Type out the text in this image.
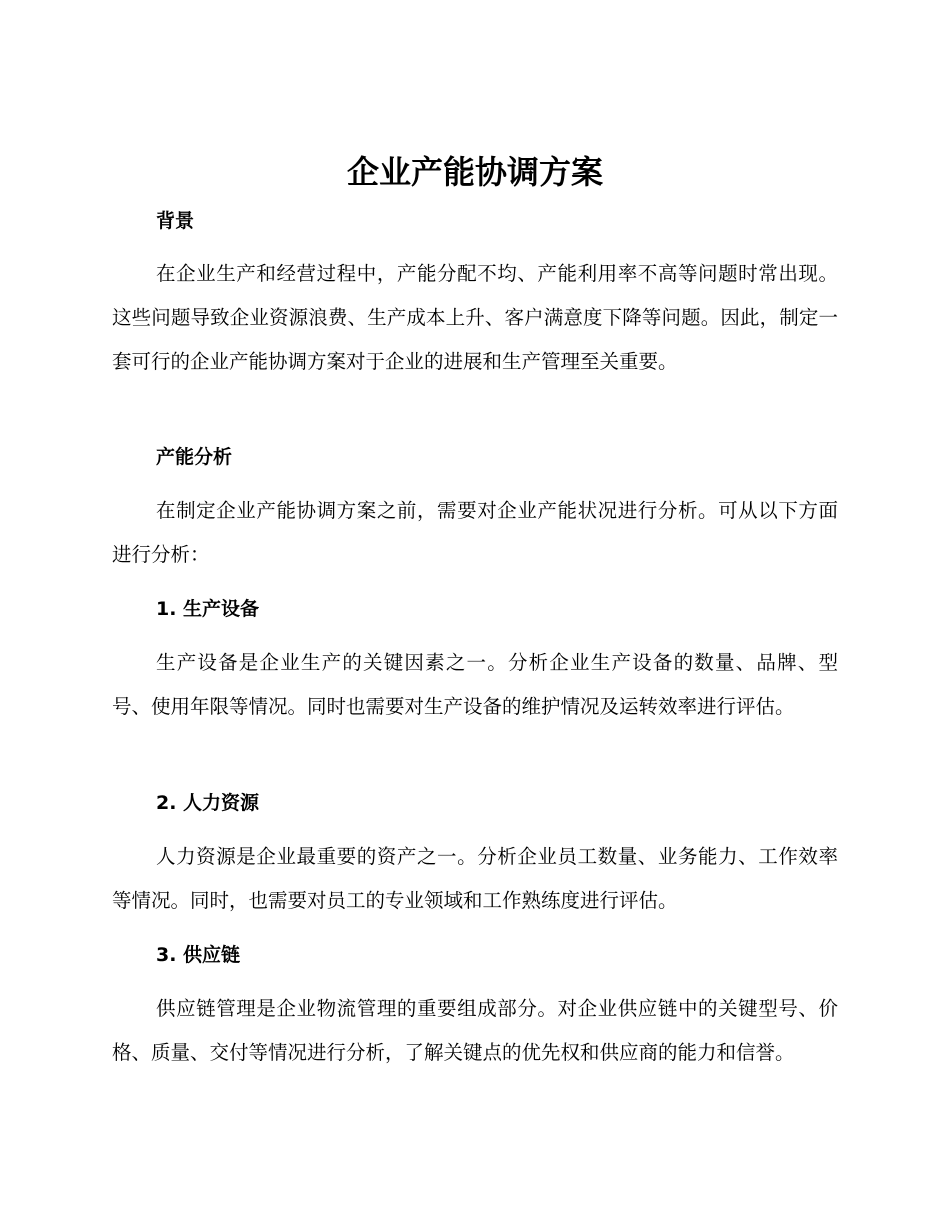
企业产能协调方案
背景

在企业生产和经营过程中，产能分配不均、产能利用率不高等问题时常出现。这些问题导致企业资源浪费、生产成本上升、客户满意度下降等问题。因此，制定一套可行的企业产能协调方案对于企业的进展和生产管理至关重要。

产能分析

在制定企业产能协调方案之前，需要对企业产能状况进行分析。可从以下方面进行分析：

1. 生产设备

生产设备是企业生产的关键因素之一。分析企业生产设备的数量、品牌、型号、使用年限等情况。同时也需要对生产设备的维护情况及运转效率进行评估。

2. 人力资源

人力资源是企业最重要的资产之一。分析企业员工数量、业务能力、工作效率等情况。同时，也需要对员工的专业领域和工作熟练度进行评估。

3. 供应链

供应链管理是企业物流管理的重要组成部分。对企业供应链中的关键型号、价格、质量、交付等情况进行分析，了解关键点的优先权和供应商的能力和信誉。
